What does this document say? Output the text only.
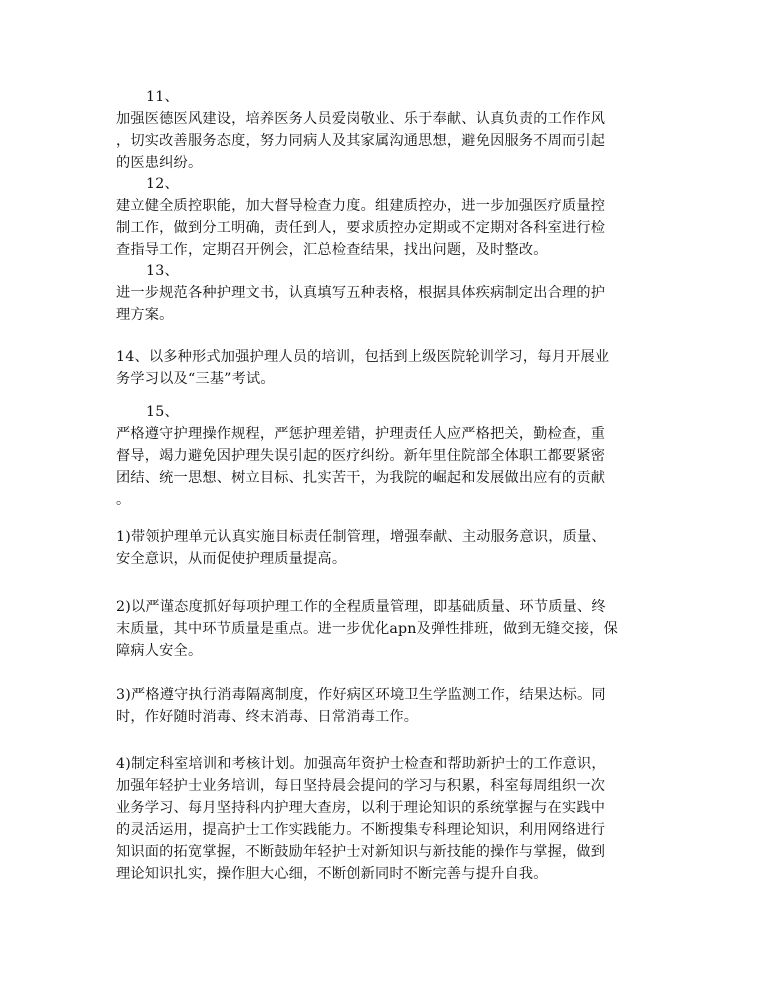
11、
加强医德医风建设，培养医务人员爱岗敬业、乐于奉献、认真负责的工作作风
，切实改善服务态度，努力同病人及其家属沟通思想，避免因服务不周而引起
的医患纠纷。
12、
建立健全质控职能，加大督导检查力度。组建质控办，进一步加强医疗质量控
制工作，做到分工明确，责任到人，要求质控办定期或不定期对各科室进行检
查指导工作，定期召开例会，汇总检查结果，找出问题，及时整改。
13、
进一步规范各种护理文书，认真填写五种表格，根据具体疾病制定出合理的护
理方案。
14、以多种形式加强护理人员的培训，包括到上级医院轮训学习，每月开展业
务学习以及“三基”考试。
15、
严格遵守护理操作规程，严惩护理差错，护理责任人应严格把关，勤检查，重
督导，竭力避免因护理失误引起的医疗纠纷。新年里住院部全体职工都要紧密
团结、统一思想、树立目标、扎实苦干，为我院的崛起和发展做出应有的贡献
。
1)带领护理单元认真实施目标责任制管理，增强奉献、主动服务意识，质量、
安全意识，从而促使护理质量提高。
2)以严谨态度抓好每项护理工作的全程质量管理，即基础质量、环节质量、终
末质量，其中环节质量是重点。进一步优化apn及弹性排班，做到无缝交接，保
障病人安全。
3)严格遵守执行消毒隔离制度，作好病区环境卫生学监测工作，结果达标。同
时，作好随时消毒、终末消毒、日常消毒工作。
4)制定科室培训和考核计划。加强高年资护士检查和帮助新护士的工作意识，
加强年轻护士业务培训，每日坚持晨会提问的学习与积累，科室每周组织一次
业务学习、每月坚持科内护理大查房，以利于理论知识的系统掌握与在实践中
的灵活运用，提高护士工作实践能力。不断搜集专科理论知识，利用网络进行
知识面的拓宽掌握，不断鼓励年轻护士对新知识与新技能的操作与掌握，做到
理论知识扎实，操作胆大心细，不断创新同时不断完善与提升自我。
